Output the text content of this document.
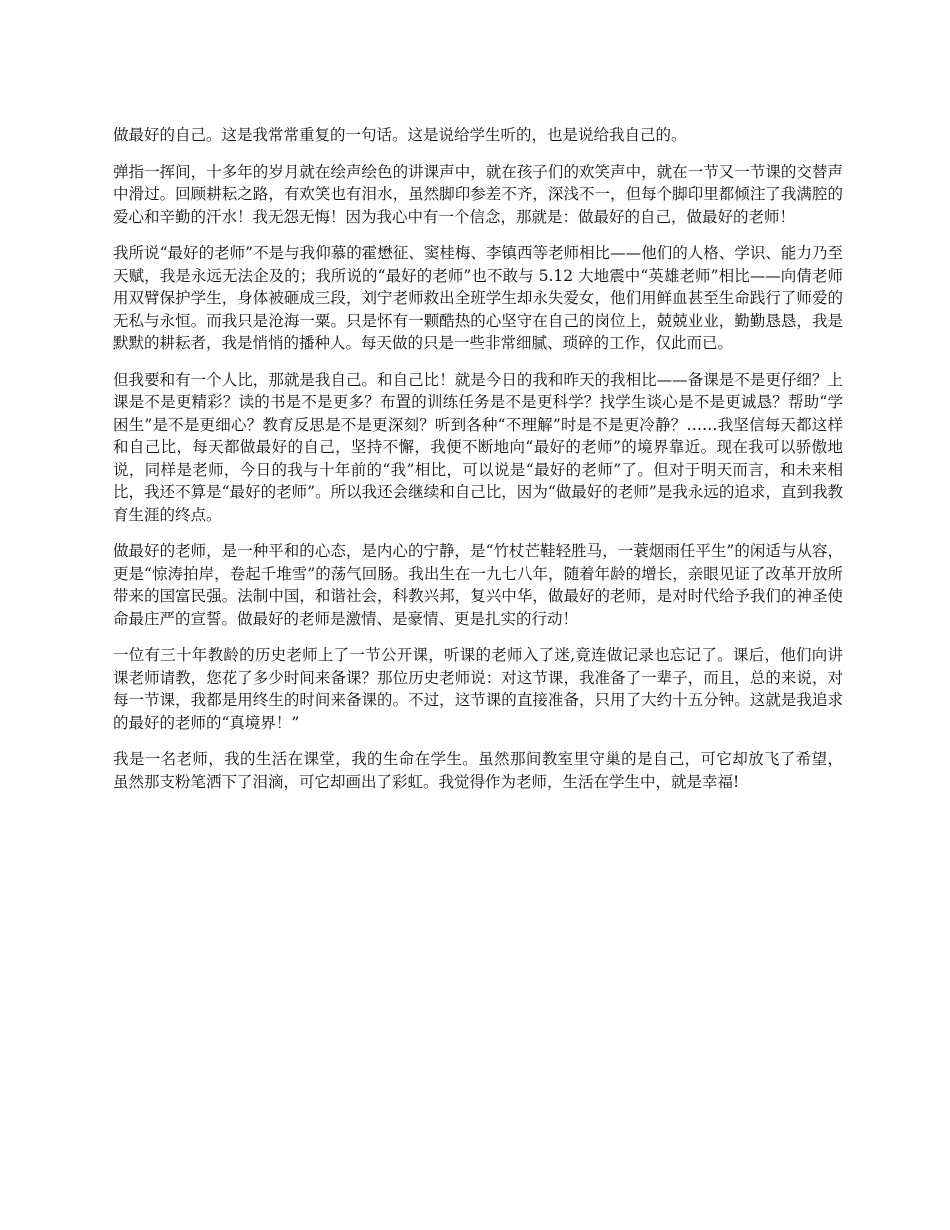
做最好的自己。这是我常常重复的一句话。这是说给学生听的，也是说给我自己的。

弹指一挥间，十多年的岁月就在绘声绘色的讲课声中，就在孩子们的欢笑声中，就在一节又一节课的交替声中滑过。回顾耕耘之路，有欢笑也有泪水，虽然脚印参差不齐，深浅不一，但每个脚印里都倾注了我满腔的爱心和辛勤的汗水！我无怨无悔！因为我心中有一个信念，那就是：做最好的自己，做最好的老师！

我所说“最好的老师”不是与我仰慕的霍懋征、窦桂梅、李镇西等老师相比——他们的人格、学识、能力乃至天赋，我是永远无法企及的；我所说的“最好的老师”也不敢与 5.12 大地震中“英雄老师”相比——向倩老师用双臂保护学生，身体被砸成三段，刘宁老师救出全班学生却永失爱女，他们用鲜血甚至生命践行了师爱的无私与永恒。而我只是沧海一粟。只是怀有一颗酷热的心坚守在自己的岗位上，兢兢业业，勤勤恳恳，我是默默的耕耘者，我是悄悄的播种人。每天做的只是一些非常细腻、琐碎的工作，仅此而已。

但我要和有一个人比，那就是我自己。和自己比！就是今日的我和昨天的我相比——备课是不是更仔细？上课是不是更精彩？读的书是不是更多？布置的训练任务是不是更科学？找学生谈心是不是更诚恳？帮助“学困生”是不是更细心？教育反思是不是更深刻？听到各种“不理解”时是不是更冷静？……我坚信每天都这样和自己比，每天都做最好的自己，坚持不懈，我便不断地向“最好的老师”的境界靠近。现在我可以骄傲地说，同样是老师，今日的我与十年前的“我”相比，可以说是“最好的老师”了。但对于明天而言，和未来相比，我还不算是“最好的老师”。所以我还会继续和自己比，因为“做最好的老师”是我永远的追求，直到我教育生涯的终点。

做最好的老师，是一种平和的心态，是内心的宁静，是“竹杖芒鞋轻胜马，一蓑烟雨任平生”的闲适与从容，更是“惊涛拍岸，卷起千堆雪”的荡气回肠。我出生在一九七八年，随着年龄的增长，亲眼见证了改革开放所带来的国富民强。法制中国，和谐社会，科教兴邦，复兴中华，做最好的老师，是对时代给予我们的神圣使命最庄严的宣誓。做最好的老师是激情、是豪情、更是扎实的行动！

一位有三十年教龄的历史老师上了一节公开课，听课的老师入了迷,竟连做记录也忘记了。课后，他们向讲课老师请教，您花了多少时间来备课？那位历史老师说：对这节课，我准备了一辈子，而且，总的来说，对每一节课，我都是用终生的时间来备课的。不过，这节课的直接准备，只用了大约十五分钟。这就是我追求的最好的老师的“真境界！”

我是一名老师，我的生活在课堂，我的生命在学生。虽然那间教室里守巢的是自己，可它却放飞了希望， 虽然那支粉笔洒下了泪滴，可它却画出了彩虹。我觉得作为老师，生活在学生中，就是幸福!
